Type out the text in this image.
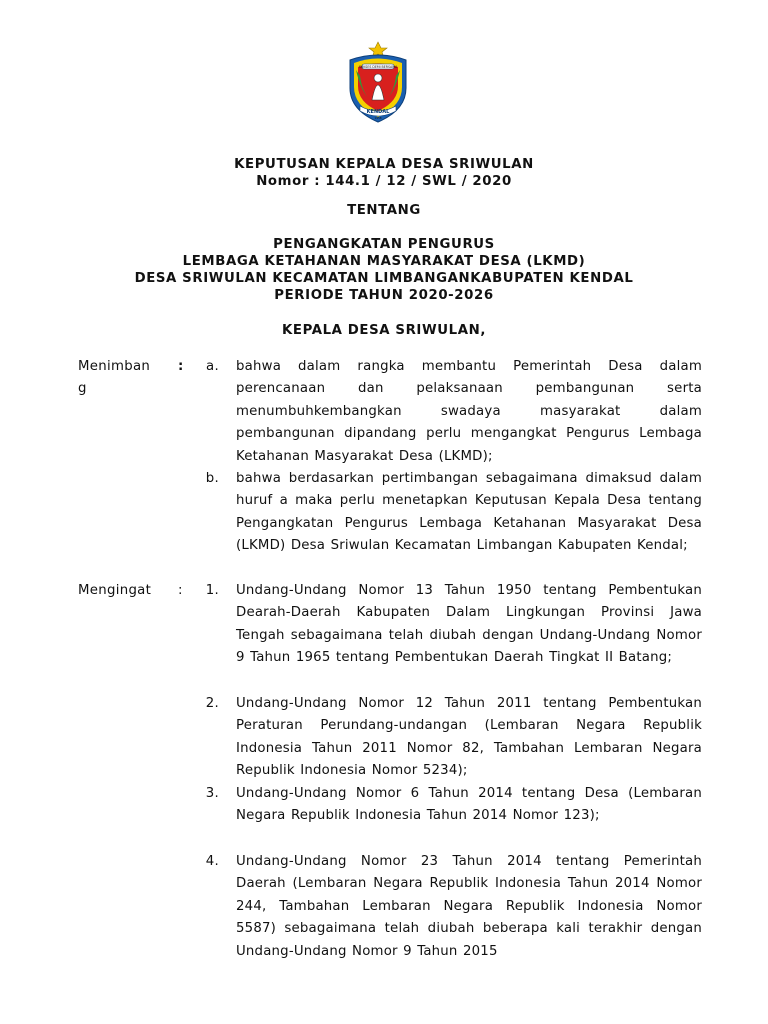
SUKSES DEMI BERSAMA
KENDAL
1958
KEPUTUSAN KEPALA DESA SRIWULAN
Nomor : 144.1 / 12 / SWL / 2020
TENTANG
PENGANGKATAN PENGURUS
LEMBAGA KETAHANAN MASYARAKAT DESA (LKMD)
DESA SRIWULAN KECAMATAN LIMBANGANKABUPATEN KENDAL
PERIODE TAHUN 2020-2026
KEPALA DESA SRIWULAN,
Menimban
g
:	a. bahwa dalam rangka membantu Pemerintah Desa dalam perencanaan dan pelaksanaan pembangunan serta menumbuhkembangkan swadaya masyarakat dalam pembangunan dipandang perlu mengangkat Pengurus Lembaga Ketahanan Masyarakat Desa (LKMD);
b. bahwa berdasarkan pertimbangan sebagaimana dimaksud dalam huruf a maka perlu menetapkan Keputusan Kepala Desa tentang Pengangkatan Pengurus Lembaga Ketahanan Masyarakat Desa (LKMD) Desa Sriwulan Kecamatan Limbangan Kabupaten Kendal;
Mengingat :	1. Undang-Undang Nomor 13 Tahun 1950 tentang Pembentukan Dearah-Daerah Kabupaten Dalam Lingkungan Provinsi Jawa Tengah sebagaimana telah diubah dengan Undang-Undang Nomor 9 Tahun 1965 tentang Pembentukan Daerah Tingkat II Batang;
2. Undang-Undang Nomor 12 Tahun 2011 tentang Pembentukan Peraturan Perundang-undangan (Lembaran Negara Republik Indonesia Tahun 2011 Nomor 82, Tambahan Lembaran Negara Republik Indonesia Nomor 5234);
3. Undang-Undang Nomor 6 Tahun 2014 tentang Desa (Lembaran Negara Republik Indonesia Tahun 2014 Nomor 123);
4. Undang-Undang Nomor 23 Tahun 2014 tentang Pemerintah Daerah (Lembaran Negara Republik Indonesia Tahun 2014 Nomor 244, Tambahan Lembaran Negara Republik Indonesia Nomor 5587) sebagaimana telah diubah beberapa kali terakhir dengan Undang-Undang Nomor 9 Tahun 2015
